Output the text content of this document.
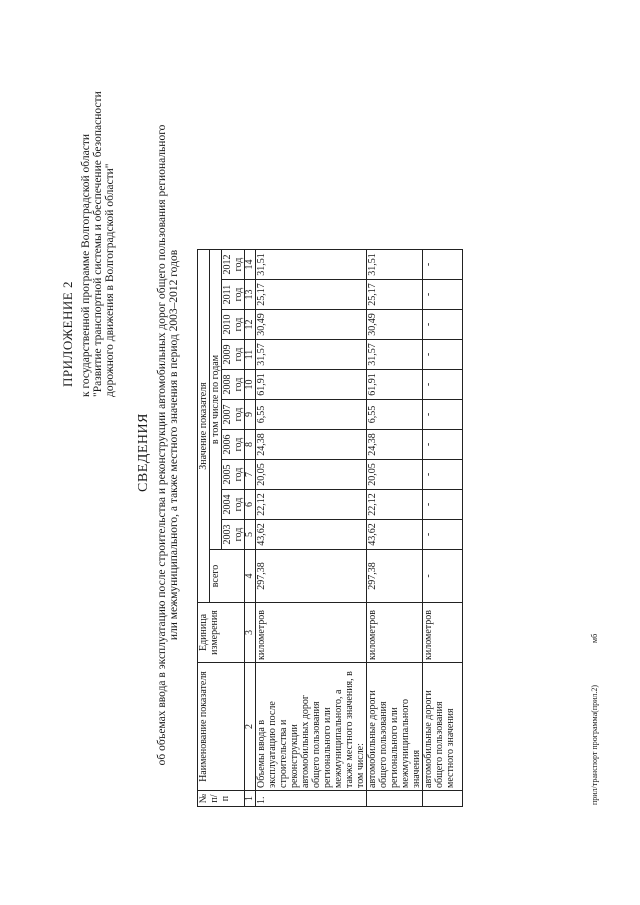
ПРИЛОЖЕНИЕ 2 к государственной программе Волгоградской области "Развитие транспортной системы и обеспечение безопасности дорожного движения в Волгоградской области"
СВЕДЕНИЯ об объемах ввода в эксплуатацию после строительства и реконструкции автомобильных дорог общего пользования регионального или межмуниципального, а также местного значения в период 2003–2012 годов
№ п/п	Наименование показателя	Единица измерения	Значение показателя										
			всего	в том числе по годам									
				2003 год	2004 год	2005 год	2006 год	2007 год	2008 год	2009 год	2010 год	2011 год	2012 год
1	2	3	4	5	6	7	8	9	10	11	12	13	14
1.	Объемы ввода в эксплуатацию после строительства и реконструкции автомобильных дорог общего пользования регионального или межмуниципального, а также местного значения, в том числе:	километров	297,38	43,62	22,12	20,05	24,38	6,55	61,91	31,57	30,49	25,17	31,51
	автомобильные дороги общего пользования регионального или межмуниципального значения	километров	297,38	43,62	22,12	20,05	24,38	6,55	61,91	31,57	30,49	25,17	31,51
	автомобильные дороги общего пользования местного значения	километров	-	-	-	-	-	-	-	-	-	-	-
прил/транспорт программа(прил.2) мб
